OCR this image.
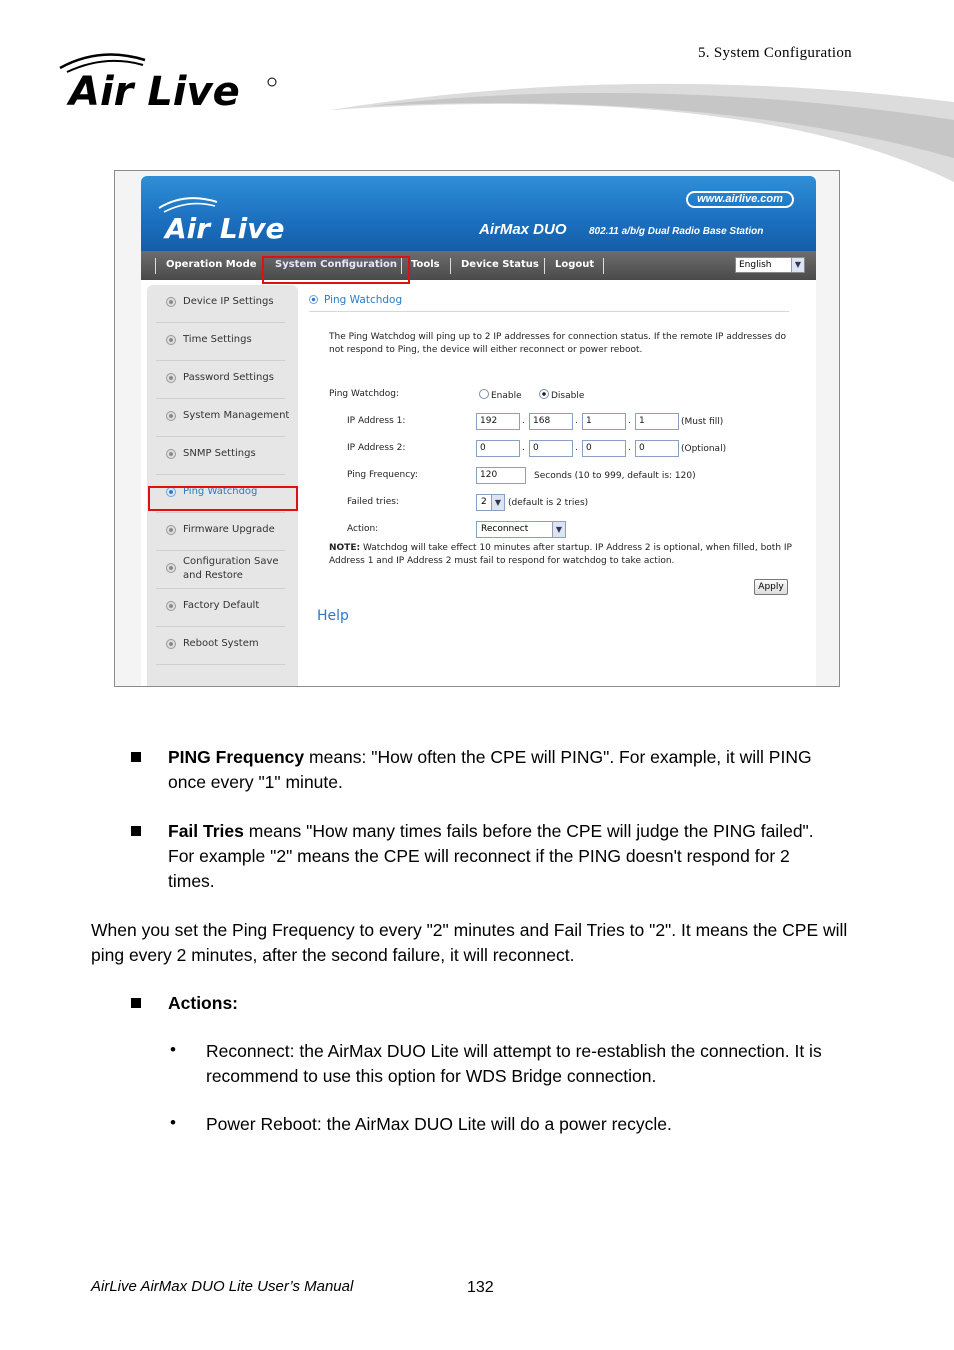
5. System Configuration
Air Live
Air Live
www.airlive.com
AirMax DUO 802.11 a/b/g Dual Radio Base Station
Operation Mode System Configuration Tools Device Status Logout	English	▼
Device IP Settings
Time Settings
Password Settings
System Management
SNMP Settings
Ping Watchdog
Firmware Upgrade
Configuration Save and Restore
Factory Default
Reboot System
Ping Watchdog
The Ping Watchdog will ping up to 2 IP addresses for connection status. If the remote IP addresses do not respond to Ping, the device will either reconnect or power reboot.
Ping Watchdog:	Enable	Disable
IP Address 1:	192	. 168	. 1	. 1	(Must fill)
IP Address 2:	0	. 0	. 0	. 0	(Optional)
Ping Frequency:	120	Seconds (10 to 999, default is: 120)
Failed tries:	2	▼ (default is 2 tries)
Action:	Reconnect	▼
NOTE: Watchdog will take effect 10 minutes after startup. IP Address 2 is optional, when filled, both IP Address 1 and IP Address 2 must fail to respond for watchdog to take action.
Apply
Help
PING Frequency means: "How often the CPE will PING". For example, it will PING once every "1" minute.
Fail Tries means "How many times fails before the CPE will judge the PING failed". For example "2" means the CPE will reconnect if the PING doesn't respond for 2 times.
When you set the Ping Frequency to every "2" minutes and Fail Tries to "2". It means the CPE will ping every 2 minutes, after the second failure, it will reconnect.
Actions:
• Reconnect: the AirMax DUO Lite will attempt to re-establish the connection. It is recommend to use this option for WDS Bridge connection.
• Power Reboot: the AirMax DUO Lite will do a power recycle.
AirLive AirMax DUO Lite User’s Manual	132
